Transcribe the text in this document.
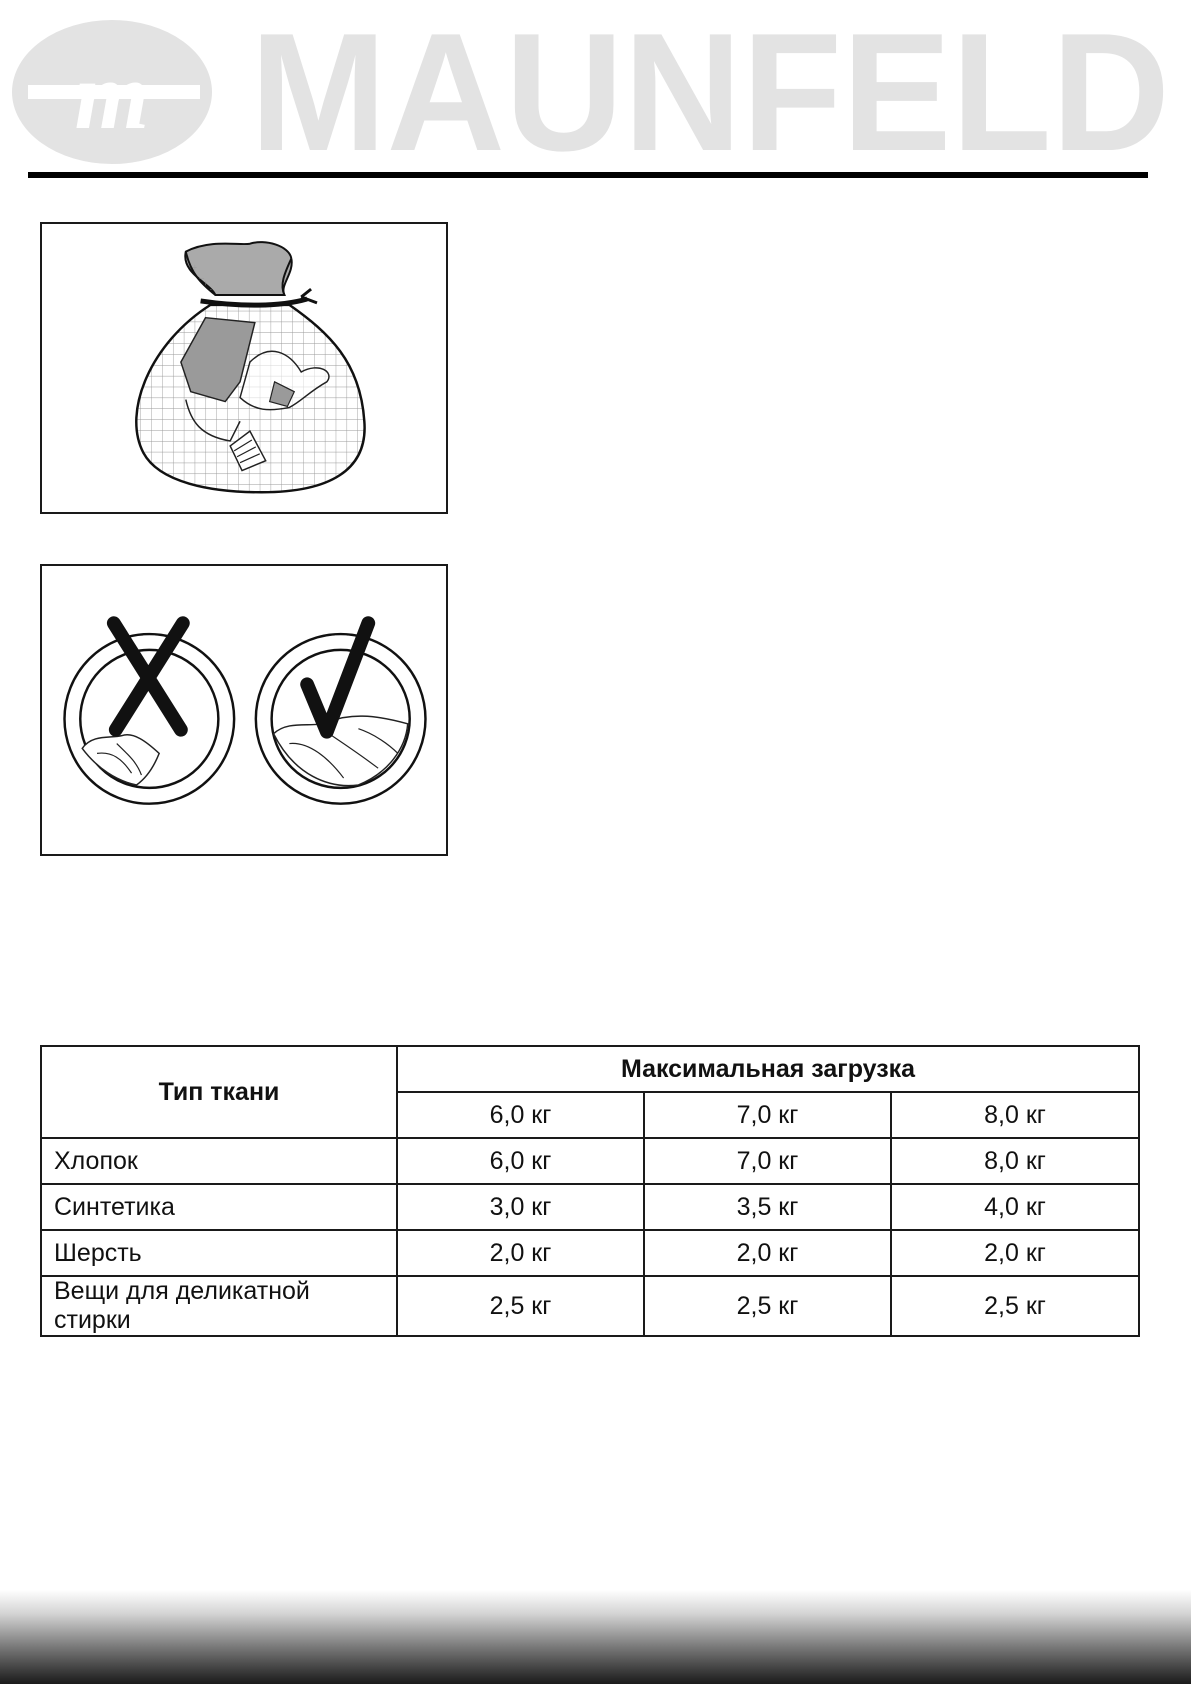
m MAUNFELD
Тип ткани	Максимальная загрузка		
	6,0 кг	7,0 кг	8,0 кг
Хлопок	6,0 кг	7,0 кг	8,0 кг
Синтетика	3,0 кг	3,5 кг	4,0 кг
Шерсть	2,0 кг	2,0 кг	2,0 кг
Вещи для деликатной стирки	2,5 кг	2,5 кг	2,5 кг
